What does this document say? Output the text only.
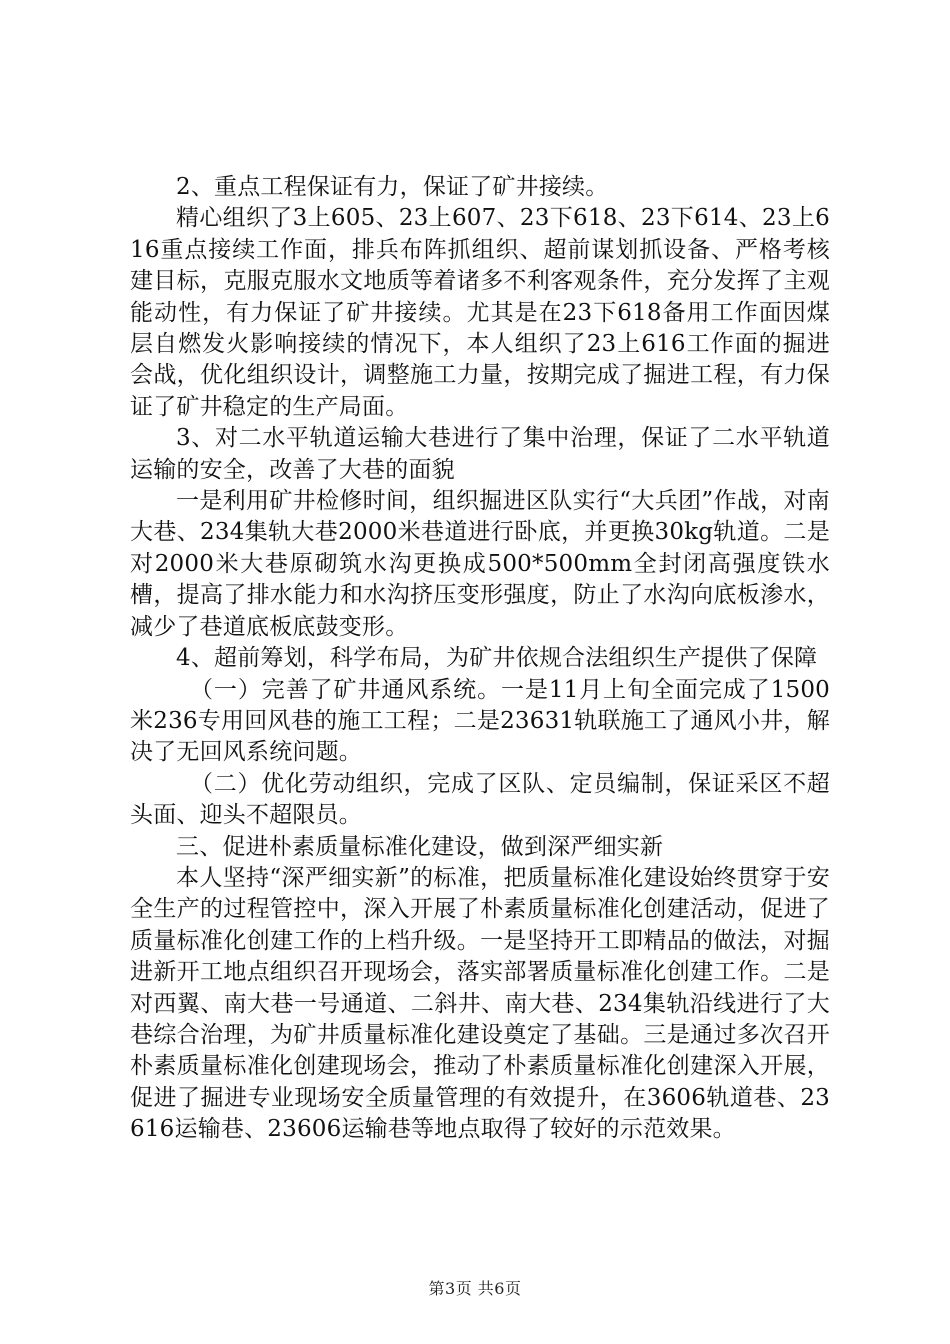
2、重点工程保证有力，保证了矿井接续。

精心组织了3上605、23上607、23下618、23下614、23上616重点接续工作面，排兵布阵抓组织、超前谋划抓设备、严格考核建目标，克服克服水文地质等着诸多不利客观条件，充分发挥了主观能动性，有力保证了矿井接续。尤其是在23下618备用工作面因煤层自燃发火影响接续的情况下，本人组织了23上616工作面的掘进会战，优化组织设计，调整施工力量，按期完成了掘进工程，有力保证了矿井稳定的生产局面。

3、对二水平轨道运输大巷进行了集中治理，保证了二水平轨道运输的安全，改善了大巷的面貌

一是利用矿井检修时间，组织掘进区队实行“大兵团”作战，对南大巷、234集轨大巷2000米巷道进行卧底，并更换30kg轨道。二是对2000米大巷原砌筑水沟更换成500*500mm全封闭高强度铁水槽，提高了排水能力和水沟挤压变形强度，防止了水沟向底板渗水，减少了巷道底板底鼓变形。

4、超前筹划，科学布局，为矿井依规合法组织生产提供了保障

（一）完善了矿井通风系统。一是11月上旬全面完成了1500米236专用回风巷的施工工程；二是23631轨联施工了通风小井，解决了无回风系统问题。

（二）优化劳动组织，完成了区队、定员编制，保证采区不超头面、迎头不超限员。

三、促进朴素质量标准化建设，做到深严细实新

本人坚持“深严细实新”的标准，把质量标准化建设始终贯穿于安全生产的过程管控中，深入开展了朴素质量标准化创建活动，促进了质量标准化创建工作的上档升级。一是坚持开工即精品的做法，对掘进新开工地点组织召开现场会，落实部署质量标准化创建工作。二是对西翼、南大巷一号通道、二斜井、南大巷、234集轨沿线进行了大巷综合治理，为矿井质量标准化建设奠定了基础。三是通过多次召开朴素质量标准化创建现场会，推动了朴素质量标准化创建深入开展，促进了掘进专业现场安全质量管理的有效提升，在3606轨道巷、23616运输巷、23606运输巷等地点取得了较好的示范效果。

第3页 共6页
